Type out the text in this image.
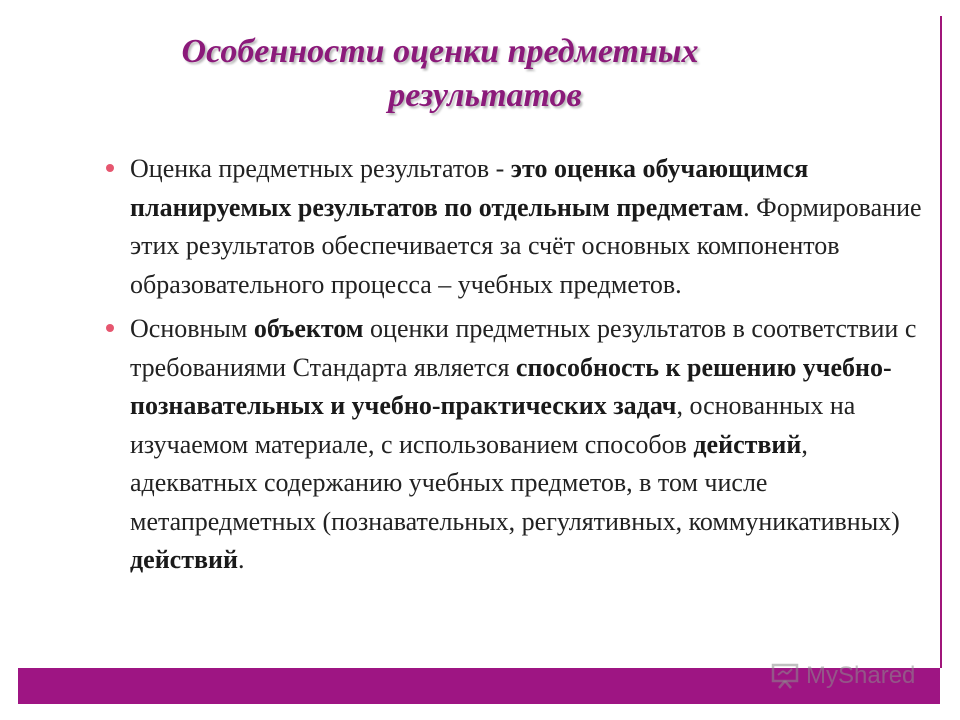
Особенности оценки предметных
результатов

Оценка предметных результатов - это оценка обучающимся планируемых результатов по отдельным предметам. Формирование этих результатов обеспечивается за счёт основных компонентов образовательного процесса – учебных предметов.

Основным объектом оценки предметных результатов в соответствии с требованиями Стандарта является способность к решению учебно-познавательных и учебно-практических задач, основанных на изучаемом материале, с использованием способов действий, адекватных содержанию учебных предметов, в том числе метапредметных (познавательных, регулятивных, коммуникативных) действий.

MyShared
